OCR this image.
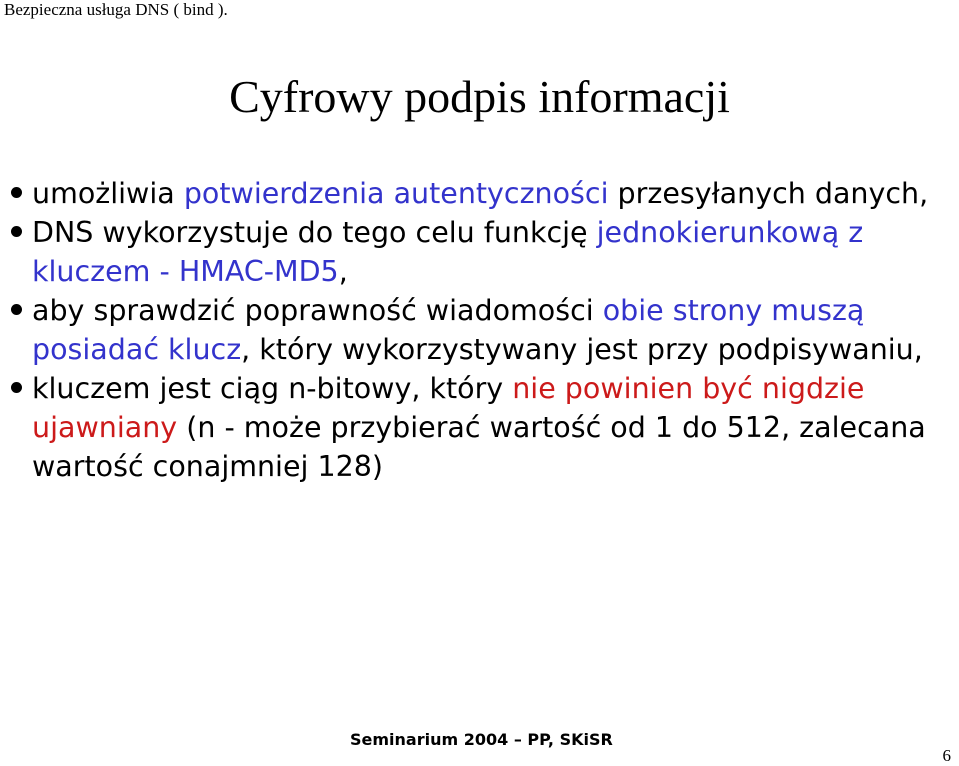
Bezpieczna usługa DNS ( bind ).
Cyfrowy podpis informacji
umożliwia potwierdzenia autentyczności przesyłanych danych,
DNS wykorzystuje do tego celu funkcję jednokierunkową z kluczem - HMAC-MD5,
aby sprawdzić poprawność wiadomości obie strony muszą posiadać klucz, który wykorzystywany jest przy podpisywaniu,
kluczem jest ciąg n-bitowy, który nie powinien być nigdzie ujawniany (n - może przybierać wartość od 1 do 512, zalecana wartość conajmniej 128)
Seminarium 2004 – PP, SKiSR
6
